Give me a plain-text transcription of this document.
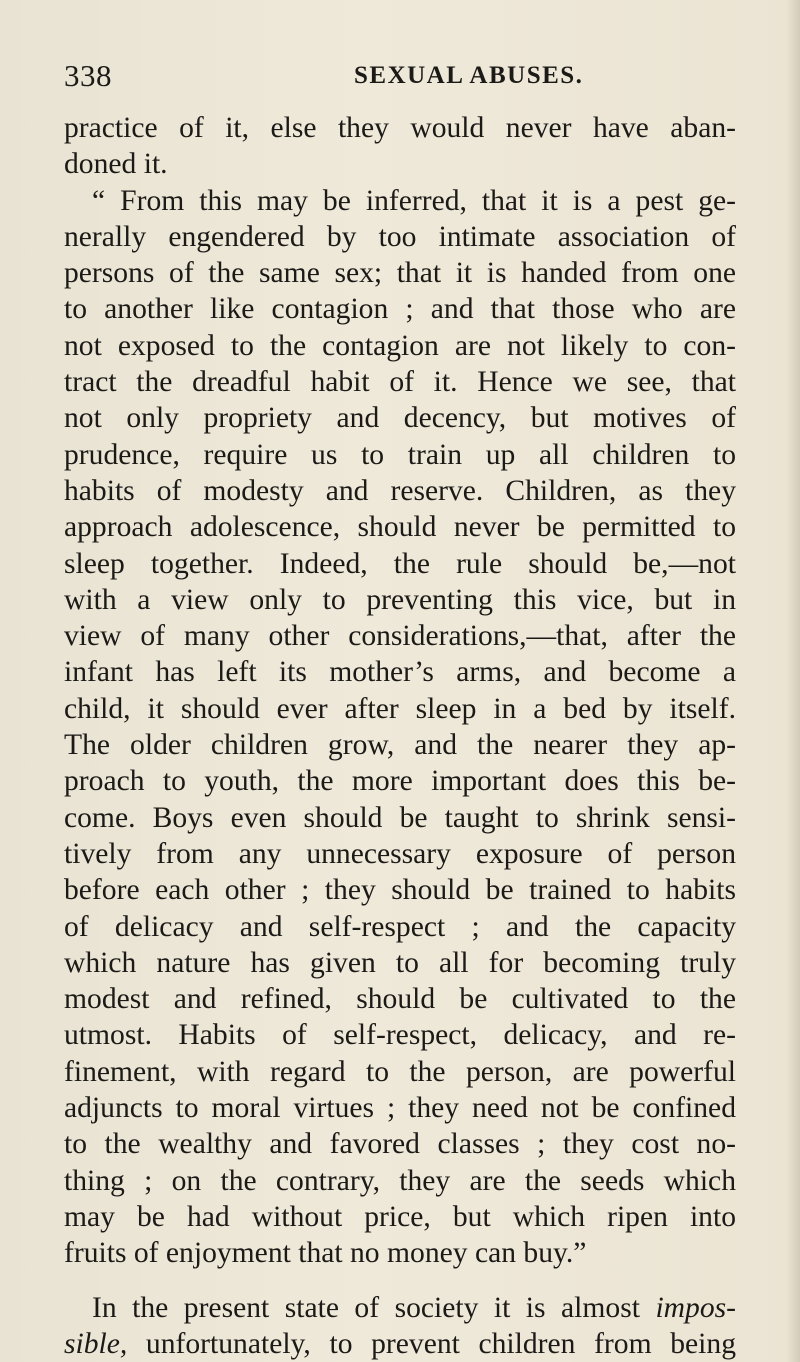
338	SEXUAL ABUSES.
practice of it, else they would never have aban-
doned it.
“ From this may be inferred, that it is a pest ge-
nerally engendered by too intimate association of
persons of the same sex; that it is handed from one
to another like contagion ; and that those who are
not exposed to the contagion are not likely to con-
tract the dreadful habit of it. Hence we see, that
not only propriety and decency, but motives of
prudence, require us to train up all children to
habits of modesty and reserve. Children, as they
approach adolescence, should never be permitted to
sleep together. Indeed, the rule should be,—not
with a view only to preventing this vice, but in
view of many other considerations,—that, after the
infant has left its mother’s arms, and become a
child, it should ever after sleep in a bed by itself.
The older children grow, and the nearer they ap-
proach to youth, the more important does this be-
come. Boys even should be taught to shrink sensi-
tively from any unnecessary exposure of person
before each other ; they should be trained to habits
of delicacy and self-respect ; and the capacity
which nature has given to all for becoming truly
modest and refined, should be cultivated to the
utmost. Habits of self-respect, delicacy, and re-
finement, with regard to the person, are powerful
adjuncts to moral virtues ; they need not be confined
to the wealthy and favored classes ; they cost no-
thing ; on the contrary, they are the seeds which
may be had without price, but which ripen into
fruits of enjoyment that no money can buy.”
In the present state of society it is almost impos-
sible, unfortunately, to prevent children from being
